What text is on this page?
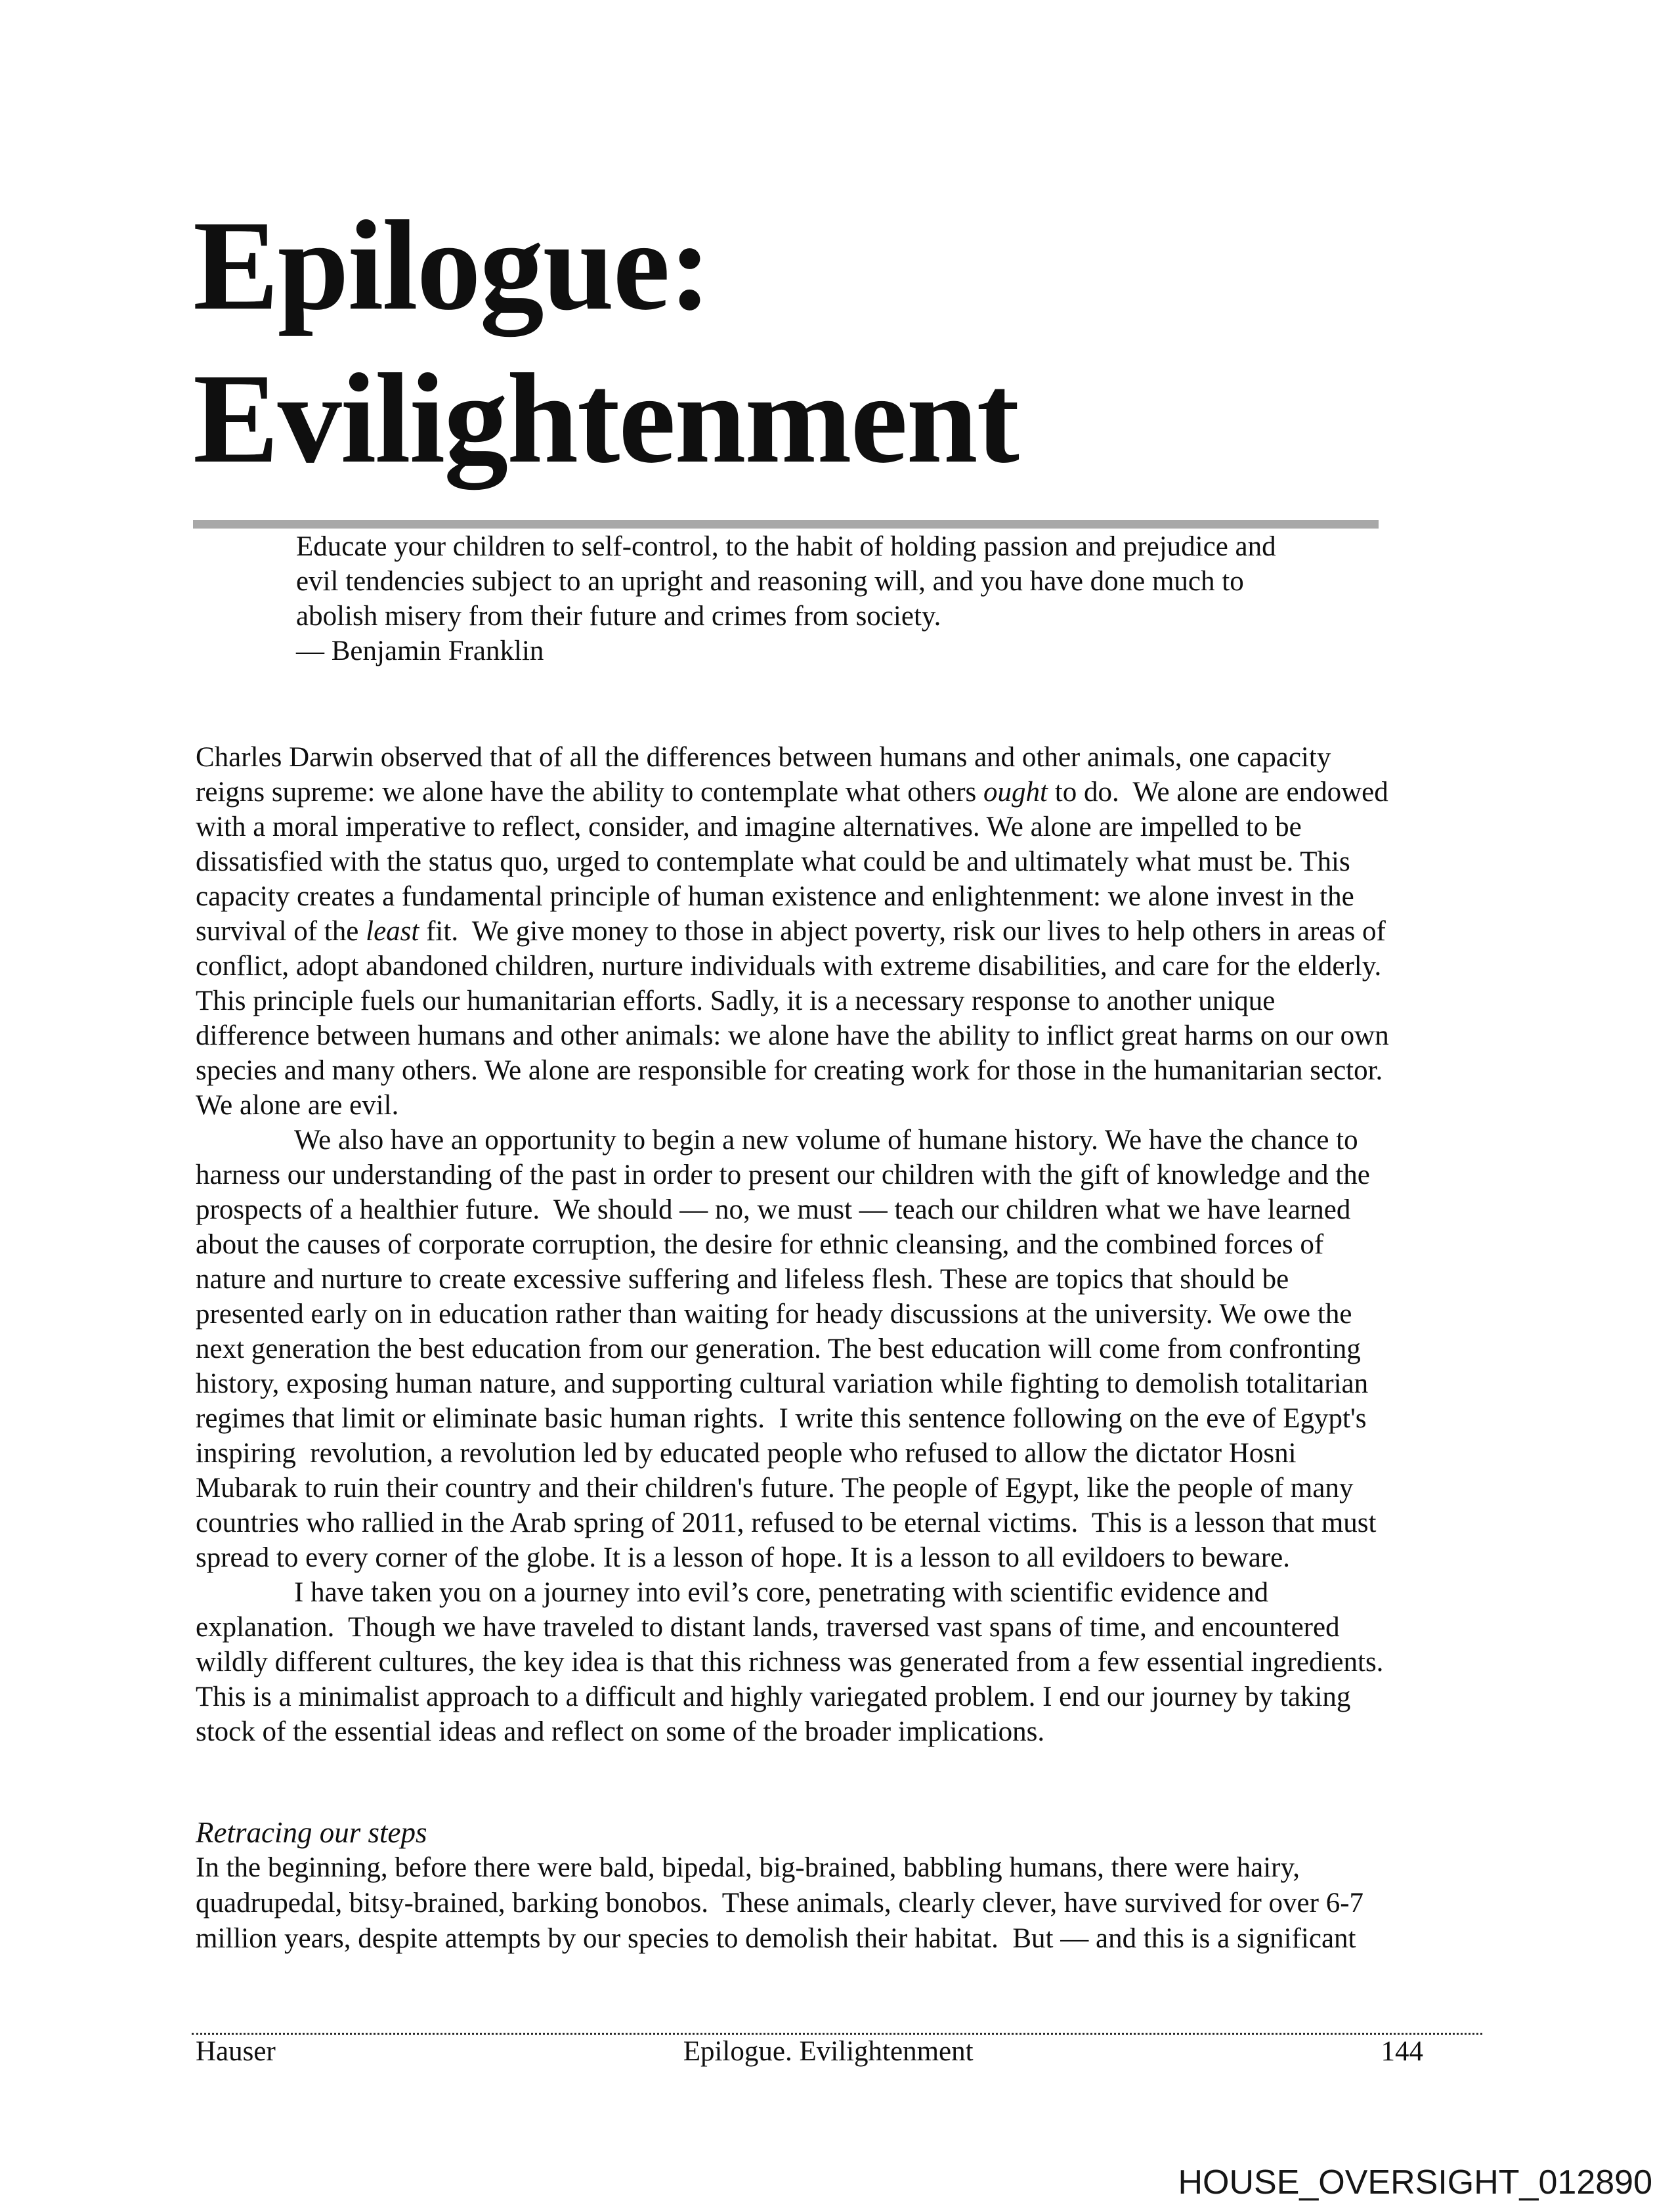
Epilogue:
Evilightenment
Educate your children to self-control, to the habit of holding passion and prejudice and
evil tendencies subject to an upright and reasoning will, and you have done much to
abolish misery from their future and crimes from society.
— Benjamin Franklin
Charles Darwin observed that of all the differences between humans and other animals, one capacity
reigns supreme: we alone have the ability to contemplate what others ought to do.  We alone are endowed
with a moral imperative to reflect, consider, and imagine alternatives. We alone are impelled to be
dissatisfied with the status quo, urged to contemplate what could be and ultimately what must be. This
capacity creates a fundamental principle of human existence and enlightenment: we alone invest in the
survival of the least fit.  We give money to those in abject poverty, risk our lives to help others in areas of
conflict, adopt abandoned children, nurture individuals with extreme disabilities, and care for the elderly.
This principle fuels our humanitarian efforts. Sadly, it is a necessary response to another unique
difference between humans and other animals: we alone have the ability to inflict great harms on our own
species and many others. We alone are responsible for creating work for those in the humanitarian sector.
We alone are evil.
We also have an opportunity to begin a new volume of humane history. We have the chance to
harness our understanding of the past in order to present our children with the gift of knowledge and the
prospects of a healthier future.  We should — no, we must — teach our children what we have learned
about the causes of corporate corruption, the desire for ethnic cleansing, and the combined forces of
nature and nurture to create excessive suffering and lifeless flesh. These are topics that should be
presented early on in education rather than waiting for heady discussions at the university. We owe the
next generation the best education from our generation. The best education will come from confronting
history, exposing human nature, and supporting cultural variation while fighting to demolish totalitarian
regimes that limit or eliminate basic human rights.  I write this sentence following on the eve of Egypt's
inspiring  revolution, a revolution led by educated people who refused to allow the dictator Hosni
Mubarak to ruin their country and their children's future. The people of Egypt, like the people of many
countries who rallied in the Arab spring of 2011, refused to be eternal victims.  This is a lesson that must
spread to every corner of the globe. It is a lesson of hope. It is a lesson to all evildoers to beware.
I have taken you on a journey into evil’s core, penetrating with scientific evidence and
explanation.  Though we have traveled to distant lands, traversed vast spans of time, and encountered
wildly different cultures, the key idea is that this richness was generated from a few essential ingredients.
This is a minimalist approach to a difficult and highly variegated problem. I end our journey by taking
stock of the essential ideas and reflect on some of the broader implications.
Retracing our steps
In the beginning, before there were bald, bipedal, big-brained, babbling humans, there were hairy,
quadrupedal, bitsy-brained, barking bonobos.  These animals, clearly clever, have survived for over 6-7
million years, despite attempts by our species to demolish their habitat.  But — and this is a significant
Hauser	Epilogue. Evilightenment	144
HOUSE_OVERSIGHT_012890
